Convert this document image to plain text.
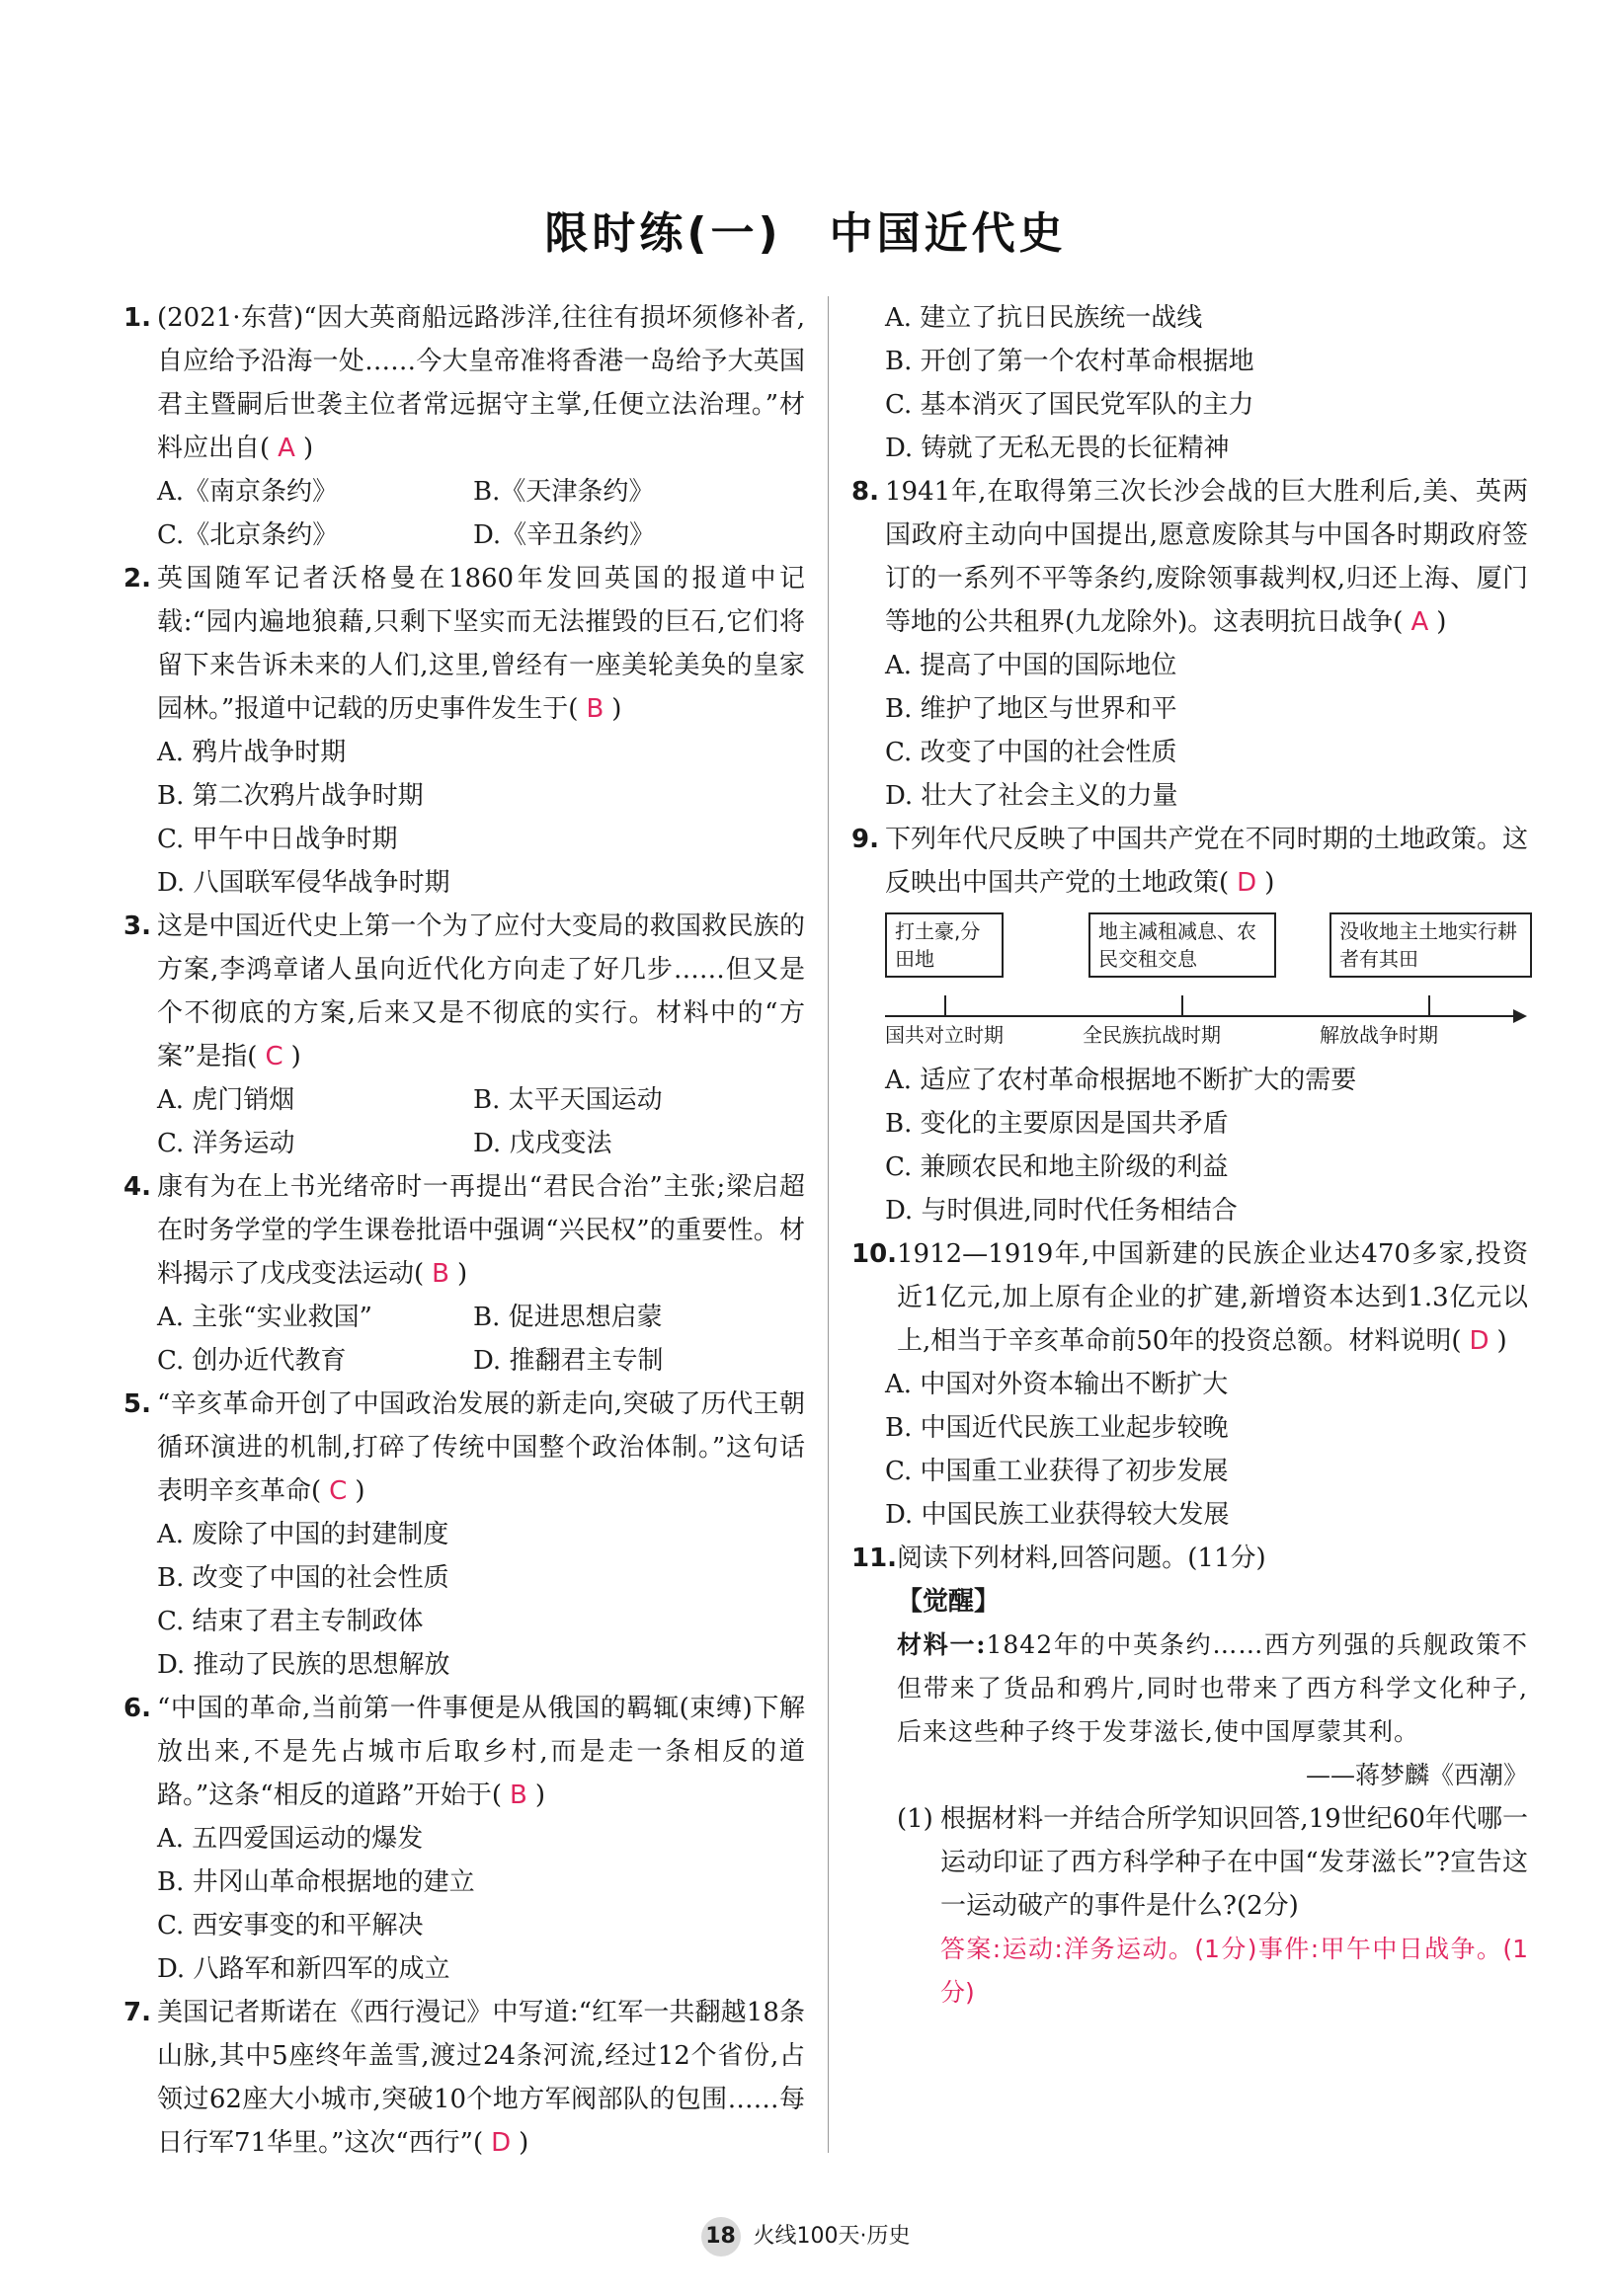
限时练(一)　中国近代史
1. (2021·东营)“因大英商船远路涉洋,往往有损坏须修补者,自应给予沿海一处……今大皇帝准将香港一岛给予大英国君主暨嗣后世袭主位者常远据守主掌,任便立法治理。”材料应出自( A )
A.《南京条约》	B.《天津条约》
C.《北京条约》	D.《辛丑条约》
2. 英国随军记者沃格曼在1860年发回英国的报道中记载:“园内遍地狼藉,只剩下坚实而无法摧毁的巨石,它们将留下来告诉未来的人们,这里,曾经有一座美轮美奂的皇家园林。”报道中记载的历史事件发生于( B )
A. 鸦片战争时期
B. 第二次鸦片战争时期
C. 甲午中日战争时期
D. 八国联军侵华战争时期
3. 这是中国近代史上第一个为了应付大变局的救国救民族的方案,李鸿章诸人虽向近代化方向走了好几步……但又是个不彻底的方案,后来又是不彻底的实行。材料中的“方案”是指( C )
A. 虎门销烟	B. 太平天国运动
C. 洋务运动	D. 戊戌变法
4. 康有为在上书光绪帝时一再提出“君民合治”主张;梁启超在时务学堂的学生课卷批语中强调“兴民权”的重要性。材料揭示了戊戌变法运动( B )
A. 主张“实业救国”	B. 促进思想启蒙
C. 创办近代教育	D. 推翻君主专制
5. “辛亥革命开创了中国政治发展的新走向,突破了历代王朝循环演进的机制,打碎了传统中国整个政治体制。”这句话表明辛亥革命( C )
A. 废除了中国的封建制度
B. 改变了中国的社会性质
C. 结束了君主专制政体
D. 推动了民族的思想解放
6. “中国的革命,当前第一件事便是从俄国的羁辄(束缚)下解放出来,不是先占城市后取乡村,而是走一条相反的道路。”这条“相反的道路”开始于( B )
A. 五四爱国运动的爆发
B. 井冈山革命根据地的建立
C. 西安事变的和平解决
D. 八路军和新四军的成立
7. 美国记者斯诺在《西行漫记》中写道:“红军一共翻越18条山脉,其中5座终年盖雪,渡过24条河流,经过12个省份,占领过62座大小城市,突破10个地方军阀部队的包围……每日行军71华里。”这次“西行”( D )
A. 建立了抗日民族统一战线
B. 开创了第一个农村革命根据地
C. 基本消灭了国民党军队的主力
D. 铸就了无私无畏的长征精神
8. 1941年,在取得第三次长沙会战的巨大胜利后,美、英两国政府主动向中国提出,愿意废除其与中国各时期政府签订的一系列不平等条约,废除领事裁判权,归还上海、厦门等地的公共租界(九龙除外)。这表明抗日战争( A )
A. 提高了中国的国际地位
B. 维护了地区与世界和平
C. 改变了中国的社会性质
D. 壮大了社会主义的力量
9. 下列年代尺反映了中国共产党在不同时期的土地政策。这反映出中国共产党的土地政策( D )
打土豪,分田地
地主减租减息、农民交租交息
没收地主土地实行耕者有其田
国共对立时期	全民族抗战时期	解放战争时期
A. 适应了农村革命根据地不断扩大的需要
B. 变化的主要原因是国共矛盾
C. 兼顾农民和地主阶级的利益
D. 与时俱进,同时代任务相结合
10. 1912—1919年,中国新建的民族企业达470多家,投资近1亿元,加上原有企业的扩建,新增资本达到1.3亿元以上,相当于辛亥革命前50年的投资总额。材料说明( D )
A. 中国对外资本输出不断扩大
B. 中国近代民族工业起步较晚
C. 中国重工业获得了初步发展
D. 中国民族工业获得较大发展
11. 阅读下列材料,回答问题。(11分)
【觉醒】
材料一:1842年的中英条约……西方列强的兵舰政策不但带来了货品和鸦片,同时也带来了西方科学文化种子,后来这些种子终于发芽滋长,使中国厚蒙其利。
——蒋梦麟《西潮》
(1) 根据材料一并结合所学知识回答,19世纪60年代哪一运动印证了西方科学种子在中国“发芽滋长”?宣告这一运动破产的事件是什么?(2分)
答案:运动:洋务运动。(1分)事件:甲午中日战争。(1分)
18 火线100天·历史
